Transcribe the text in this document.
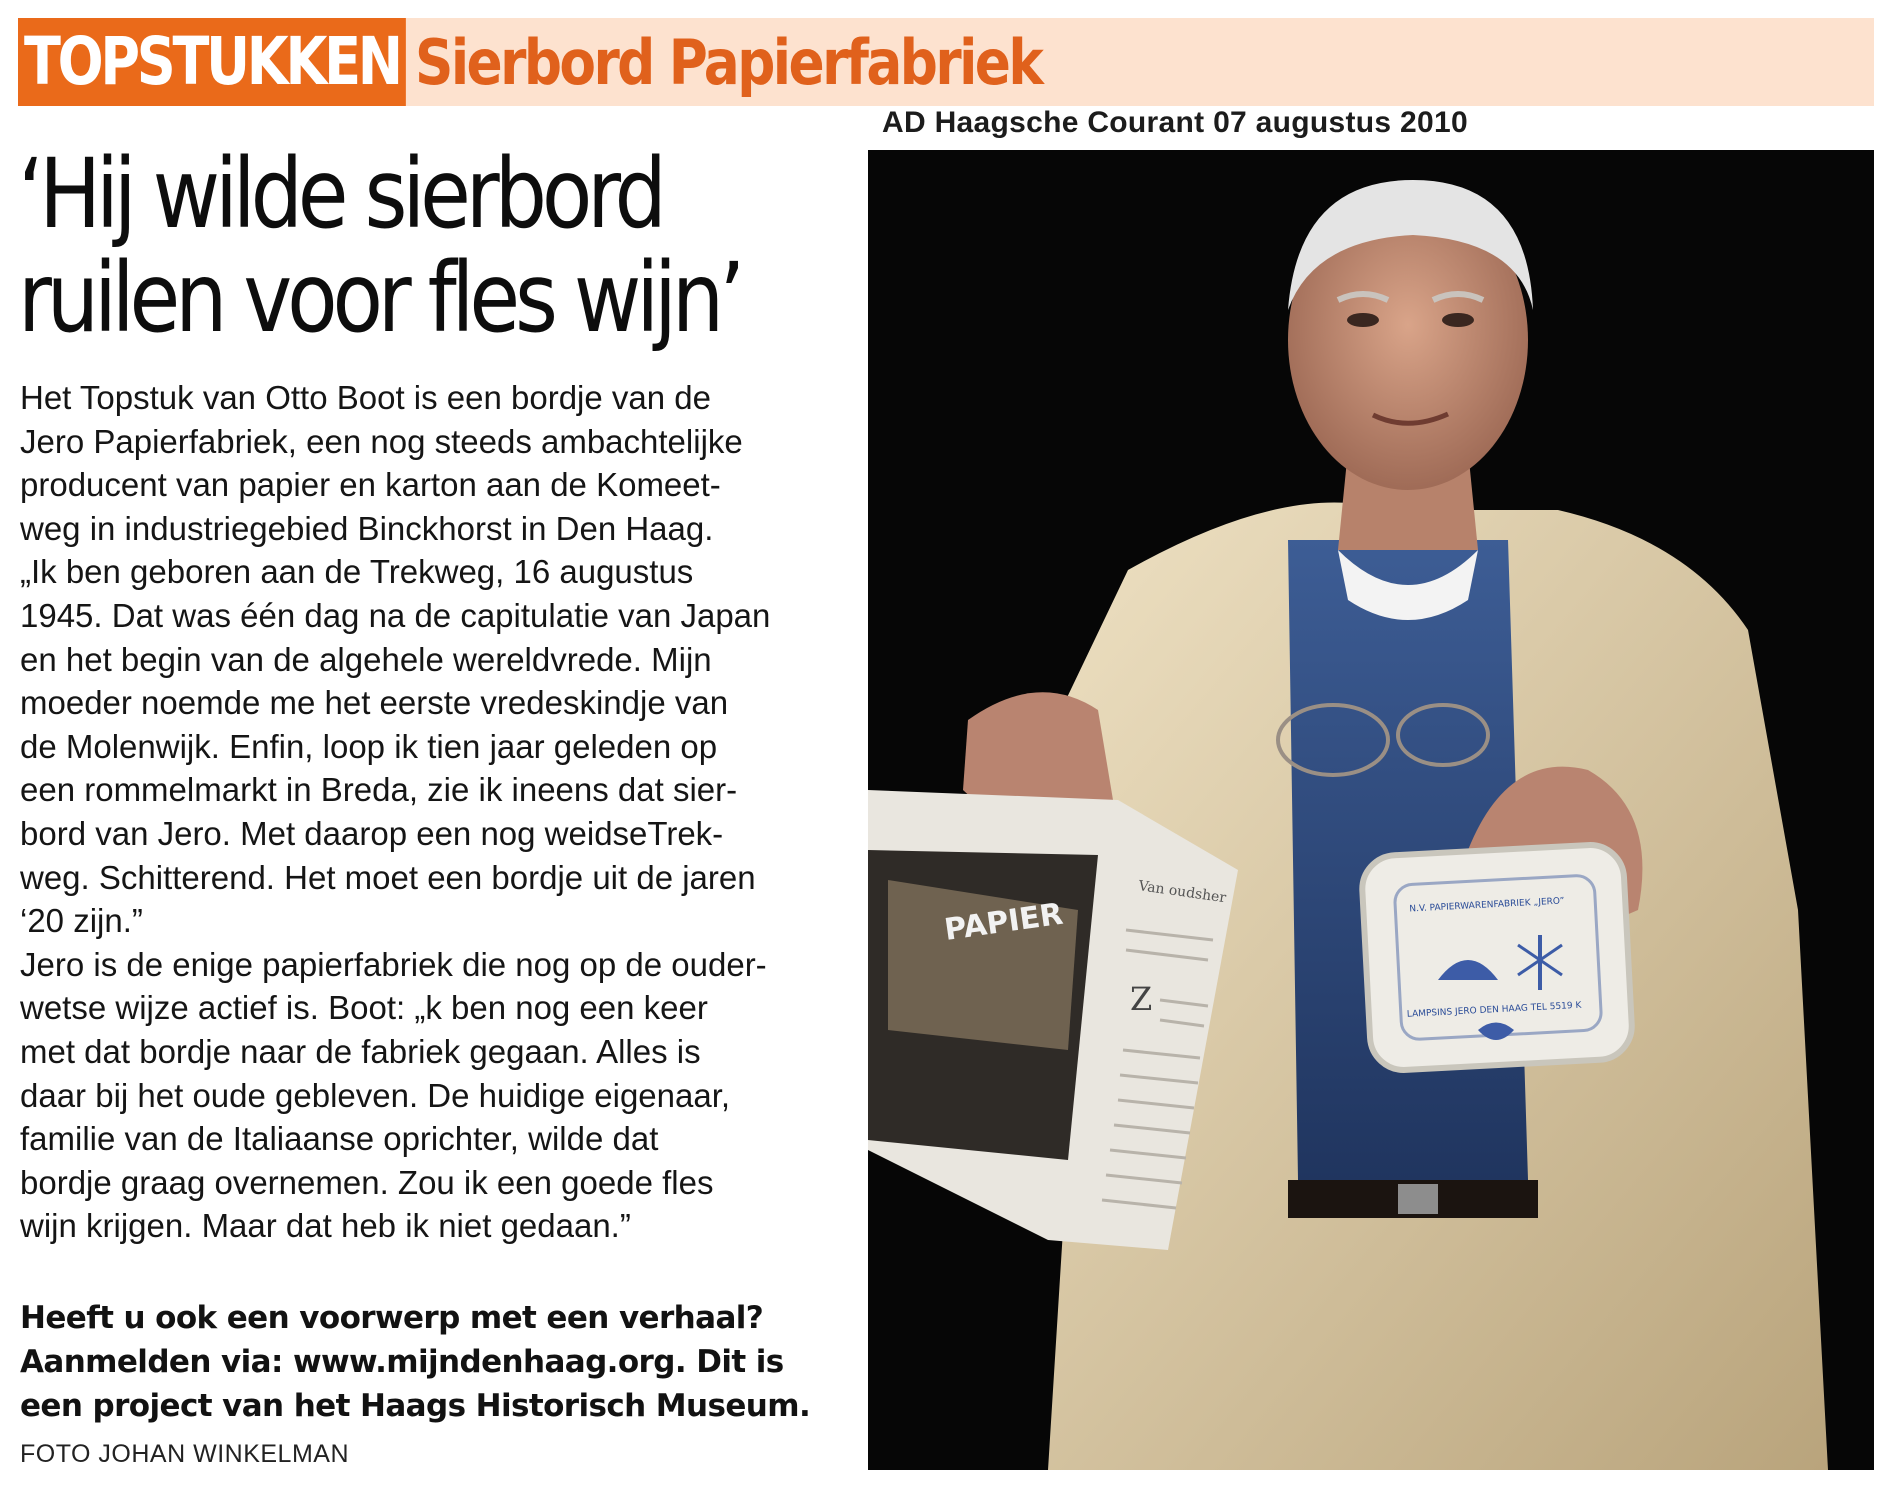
TOPSTUKKEN Sierbord Papierfabriek
AD Haagsche Courant 07 augustus 2010
‘Hij wilde sierbord
ruilen voor fles wijn’
Het Topstuk van Otto Boot is een bordje van de
Jero Papierfabriek, een nog steeds ambachtelijke
producent van papier en karton aan de Komeet-
weg in industriegebied Binckhorst in Den Haag.
„Ik ben geboren aan de Trekweg, 16 augustus
1945. Dat was één dag na de capitulatie van Japan
en het begin van de algehele wereldvrede. Mijn
moeder noemde me het eerste vredeskindje van
de Molenwijk. Enfin, loop ik tien jaar geleden op
een rommelmarkt in Breda, zie ik ineens dat sier-
bord van Jero. Met daarop een nog weidseTrek-
weg. Schitterend. Het moet een bordje uit de jaren
‘20 zijn.”
Jero is de enige papierfabriek die nog op de ouder-
wetse wijze actief is. Boot: „k ben nog een keer
met dat bordje naar de fabriek gegaan. Alles is
daar bij het oude gebleven. De huidige eigenaar,
familie van de Italiaanse oprichter, wilde dat
bordje graag overnemen. Zou ik een goede fles
wijn krijgen. Maar dat heb ik niet gedaan.”
Heeft u ook een voorwerp met een verhaal?
Aanmelden via: www.mijndenhaag.org. Dit is
een project van het Haags Historisch Museum.
FOTO JOHAN WINKELMAN
PAPIER
Van oudsher
Z
N.V. PAPIERWARENFABRIEK „JERO”
LAMPSINS JERO DEN HAAG TEL 5519 K
